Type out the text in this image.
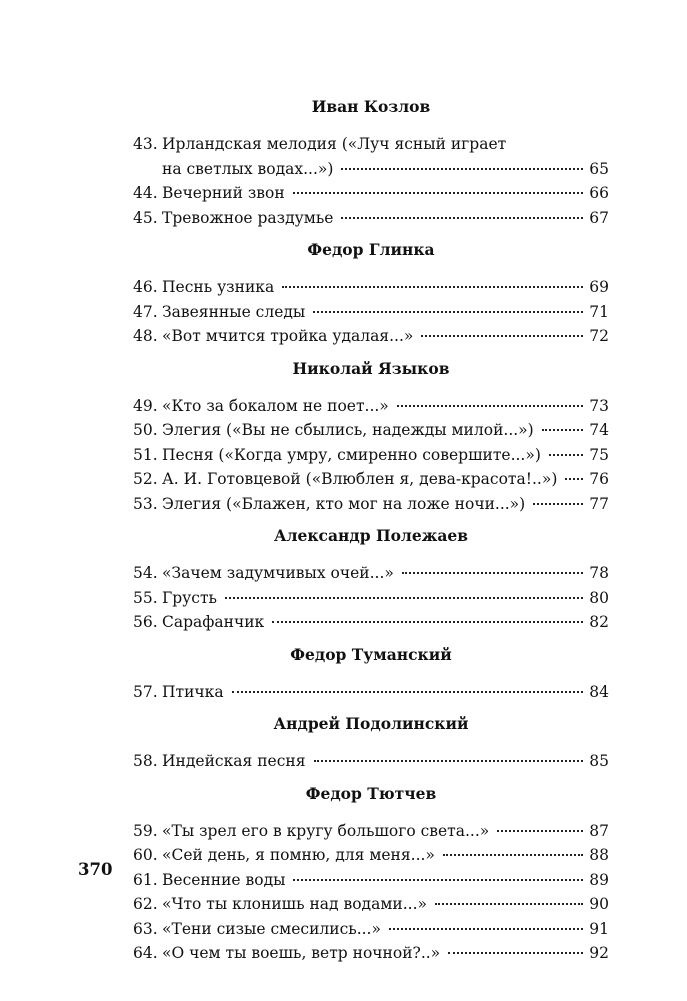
370
Иван Козлов
43. Ирландская мелодия («Луч ясный играет
на светлых водах...»)	65
44. Вечерний звон	66
45. Тревожное раздумье	67
Федор Глинка
46. Песнь узника	69
47. Завеянные следы	71
48. «Вот мчится тройка удалая...»	72
Николай Языков
49. «Кто за бокалом не поет...»	73
50. Элегия («Вы не сбылись, надежды милой...»)	74
51. Песня («Когда умру, смиренно совершите...»)	75
52. А. И. Готовцевой («Влюблен я, дева-красота!..») 76
53. Элегия («Блажен, кто мог на ложе ночи...»)	77
Александр Полежаев
54. «Зачем задумчивых очей...»	78
55. Грусть	80
56. Сарафанчик	82
Федор Туманский
57. Птичка	84
Андрей Подолинский
58. Индейская песня	85
Федор Тютчев
59. «Ты зрел его в кругу большого света...»	87
60. «Сей день, я помню, для меня...»	88
61. Весенние воды	89
62. «Что ты клонишь над водами...»	90
63. «Тени сизые смесились...»	91
64. «О чем ты воешь, ветр ночной?..»	92
